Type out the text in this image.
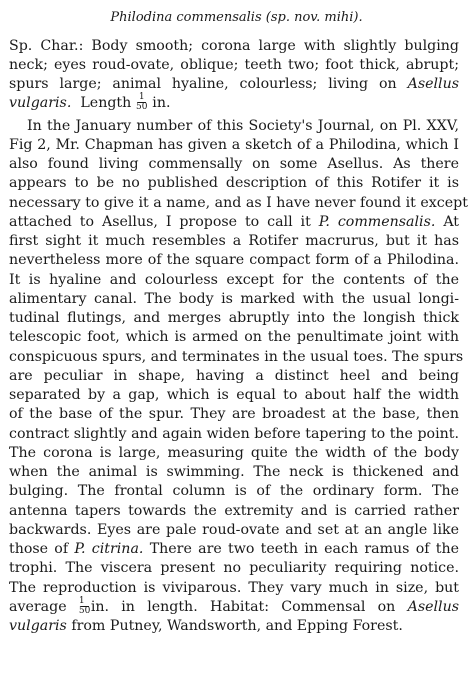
Philodina commensalis (sp. nov. mihi).
Sp. Char.: Body smooth; corona large with slightly bulging
neck; eyes roud-ovate, oblique; teeth two; foot thick, abrupt;
spurs large; animal hyaline, colourless; living on Asellus
vulgaris. Length $\frac{1}{50}$ in.
In the January number of this Society's Journal, on Pl. XXV,
Fig 2, Mr. Chapman has given a sketch of a Philodina, which I
also found living commensally on some Asellus. As there
appears to be no published description of this Rotifer it is
necessary to give it a name, and as I have never found it except
attached to Asellus, I propose to call it P. commensalis. At
first sight it much resembles a Rotifer macrurus, but it has
nevertheless more of the square compact form of a Philodina.
It is hyaline and colourless except for the contents of the
alimentary canal. The body is marked with the usual longi-
tudinal flutings, and merges abruptly into the longish thick
telescopic foot, which is armed on the penultimate joint with
conspicuous spurs, and terminates in the usual toes. The spurs
are peculiar in shape, having a distinct heel and being
separated by a gap, which is equal to about half the width
of the base of the spur. They are broadest at the base, then
contract slightly and again widen before tapering to the point.
The corona is large, measuring quite the width of the body
when the animal is swimming. The neck is thickened and
bulging. The frontal column is of the ordinary form. The
antenna tapers towards the extremity and is carried rather
backwards. Eyes are pale roud-ovate and set at an angle like
those of P. citrina. There are two teeth in each ramus of the
trophi. The viscera present no peculiarity requiring notice.
The reproduction is viviparous. They vary much in size, but
average $\frac{1}{50}$ in. in length. Habitat: Commensal on Asellus
vulgaris from Putney, Wandsworth, and Epping Forest.
